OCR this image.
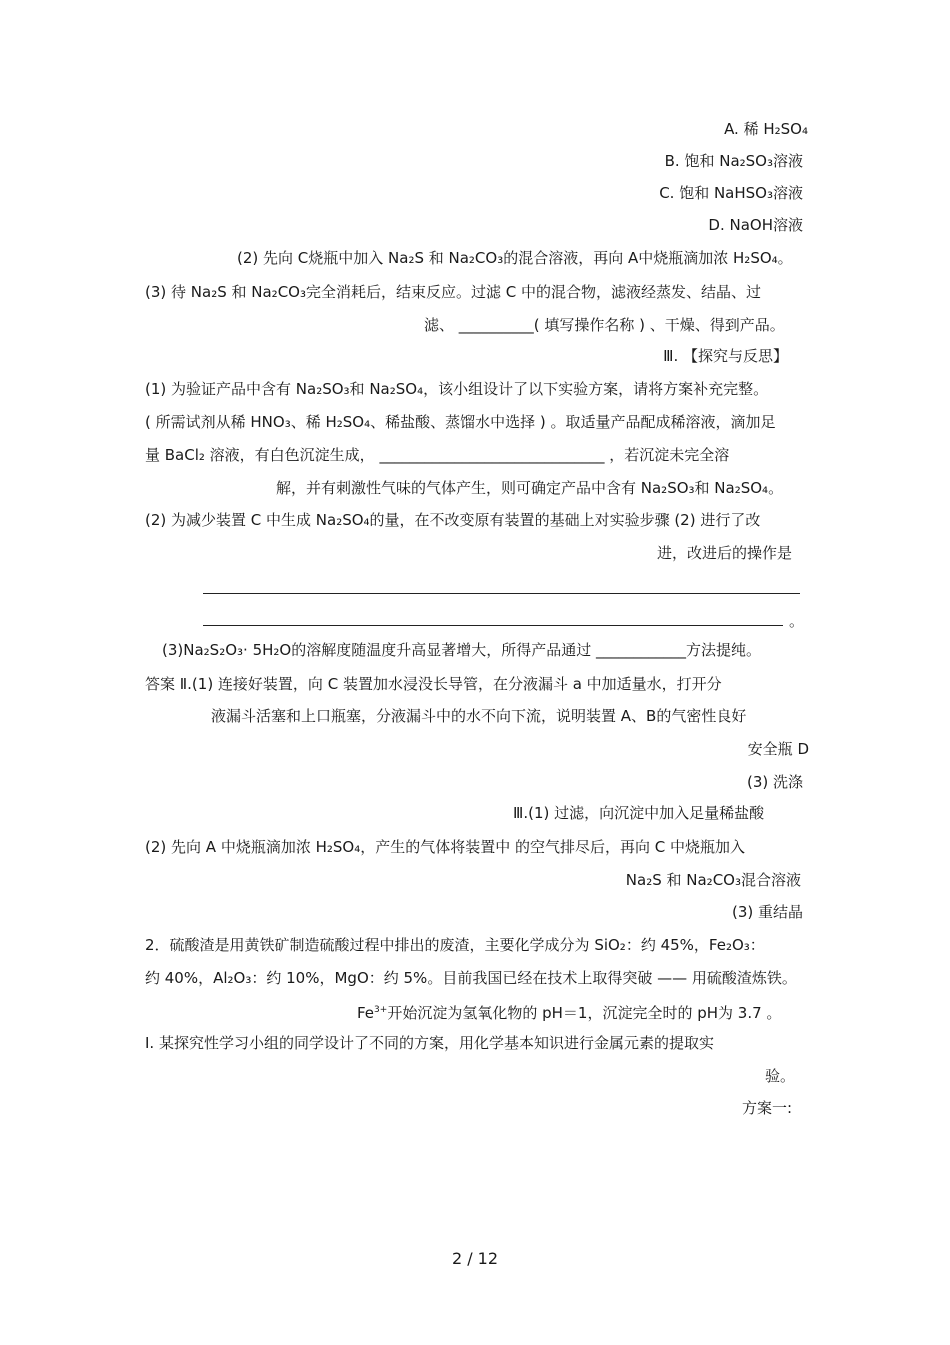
A. 稀 H₂SO₄
B. 饱和 Na₂SO₃溶液
C. 饱和 NaHSO₃溶液
D. NaOH溶液
(2) 先向 C烧瓶中加入 Na₂S 和 Na₂CO₃的混合溶液，再向 A中烧瓶滴加浓 H₂SO₄。
(3) 待 Na₂S 和 Na₂CO₃完全消耗后，结束反应。过滤 C 中的混合物，滤液经蒸发、结晶、过
滤、 __________( 填写操作名称 ) 、干燥、得到产品。
Ⅲ. 【探究与反思】
(1) 为验证产品中含有 Na₂SO₃和 Na₂SO₄，该小组设计了以下实验方案，请将方案补充完整。
( 所需试剂从稀 HNO₃、稀 H₂SO₄、稀盐酸、蒸馏水中选择 ) 。取适量产品配成稀溶液，滴加足
量 BaCl₂ 溶液，有白色沉淀生成， ______________________________ ，若沉淀未完全溶
解，并有刺激性气味的气体产生，则可确定产品中含有 Na₂SO₃和 Na₂SO₄。
(2) 为减少装置 C 中生成 Na₂SO₄的量，在不改变原有装置的基础上对实验步骤 (2) 进行了改
进，改进后的操作是
。
(3)Na₂S₂O₃· 5H₂O的溶解度随温度升高显著增大，所得产品通过 ____________方法提纯。
答案 Ⅱ.(1) 连接好装置，向 C 装置加水浸没长导管，在分液漏斗 a 中加适量水，打开分
液漏斗活塞和上口瓶塞，分液漏斗中的水不向下流，说明装置 A、B的气密性良好
安全瓶 D
(3) 洗涤
Ⅲ.(1) 过滤，向沉淀中加入足量稀盐酸
(2) 先向 A 中烧瓶滴加浓 H₂SO₄，产生的气体将装置中 的空气排尽后，再向 C 中烧瓶加入
Na₂S 和 Na₂CO₃混合溶液
(3) 重结晶
2．硫酸渣是用黄铁矿制造硫酸过程中排出的废渣，主要化学成分为 SiO₂：约 45%，Fe₂O₃：
约 40%，Al₂O₃：约 10%，MgO：约 5%。目前我国已经在技术上取得突破 —— 用硫酸渣炼铁。
$Fe^{3+}$开始沉淀为氢氧化物的 pH＝1，沉淀完全时的 pH为 3.7 。
Ⅰ. 某探究性学习小组的同学设计了不同的方案，用化学基本知识进行金属元素的提取实
验。
方案一:
2 / 12
